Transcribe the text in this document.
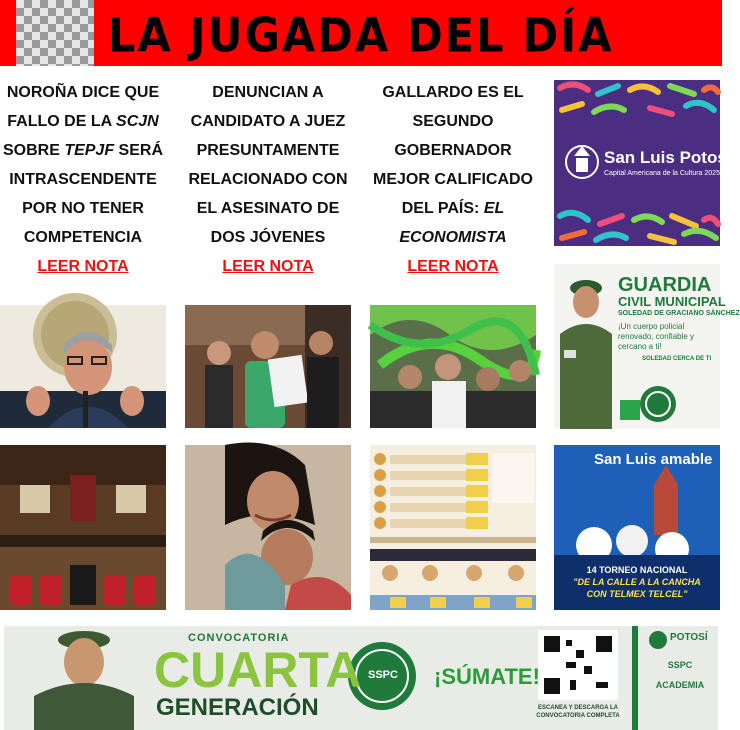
LA JUGADA DEL DÍA
NOROÑA DICE QUE FALLO DE LA SCJN SOBRE TEPJF SERÁ INTRASCENDENTE POR NO TENER COMPETENCIA
LEER NOTA
DENUNCIAN A CANDIDATO A JUEZ PRESUNTAMENTE RELACIONADO CON EL ASESINATO DE DOS JÓVENES
LEER NOTA
GALLARDO ES EL SEGUNDO GOBERNADOR MEJOR CALIFICADO DEL PAÍS: EL ECONOMISTA
LEER NOTA
San Luis Potosí
Capital Americana de la Cultura 2025
GUARDIA
CIVIL MUNICIPAL
SOLEDAD DE GRACIANO SÁNCHEZ
¡Un cuerpo policial renovado, confiable y cercano a ti!
SOLEDAD CERCA DE TI
San Luis amable
14 TORNEO NACIONAL
"DE LA CALLE A LA CANCHA
CON TELMEX TELCEL"
CONVOCATORIA
CUARTA
GENERACIÓN
SSPC ¡SÚMATE!
ESCANEA Y DESCARGA LA CONVOCATORIA COMPLETA
POTOSÍ
SSPC
ACADEMIA
